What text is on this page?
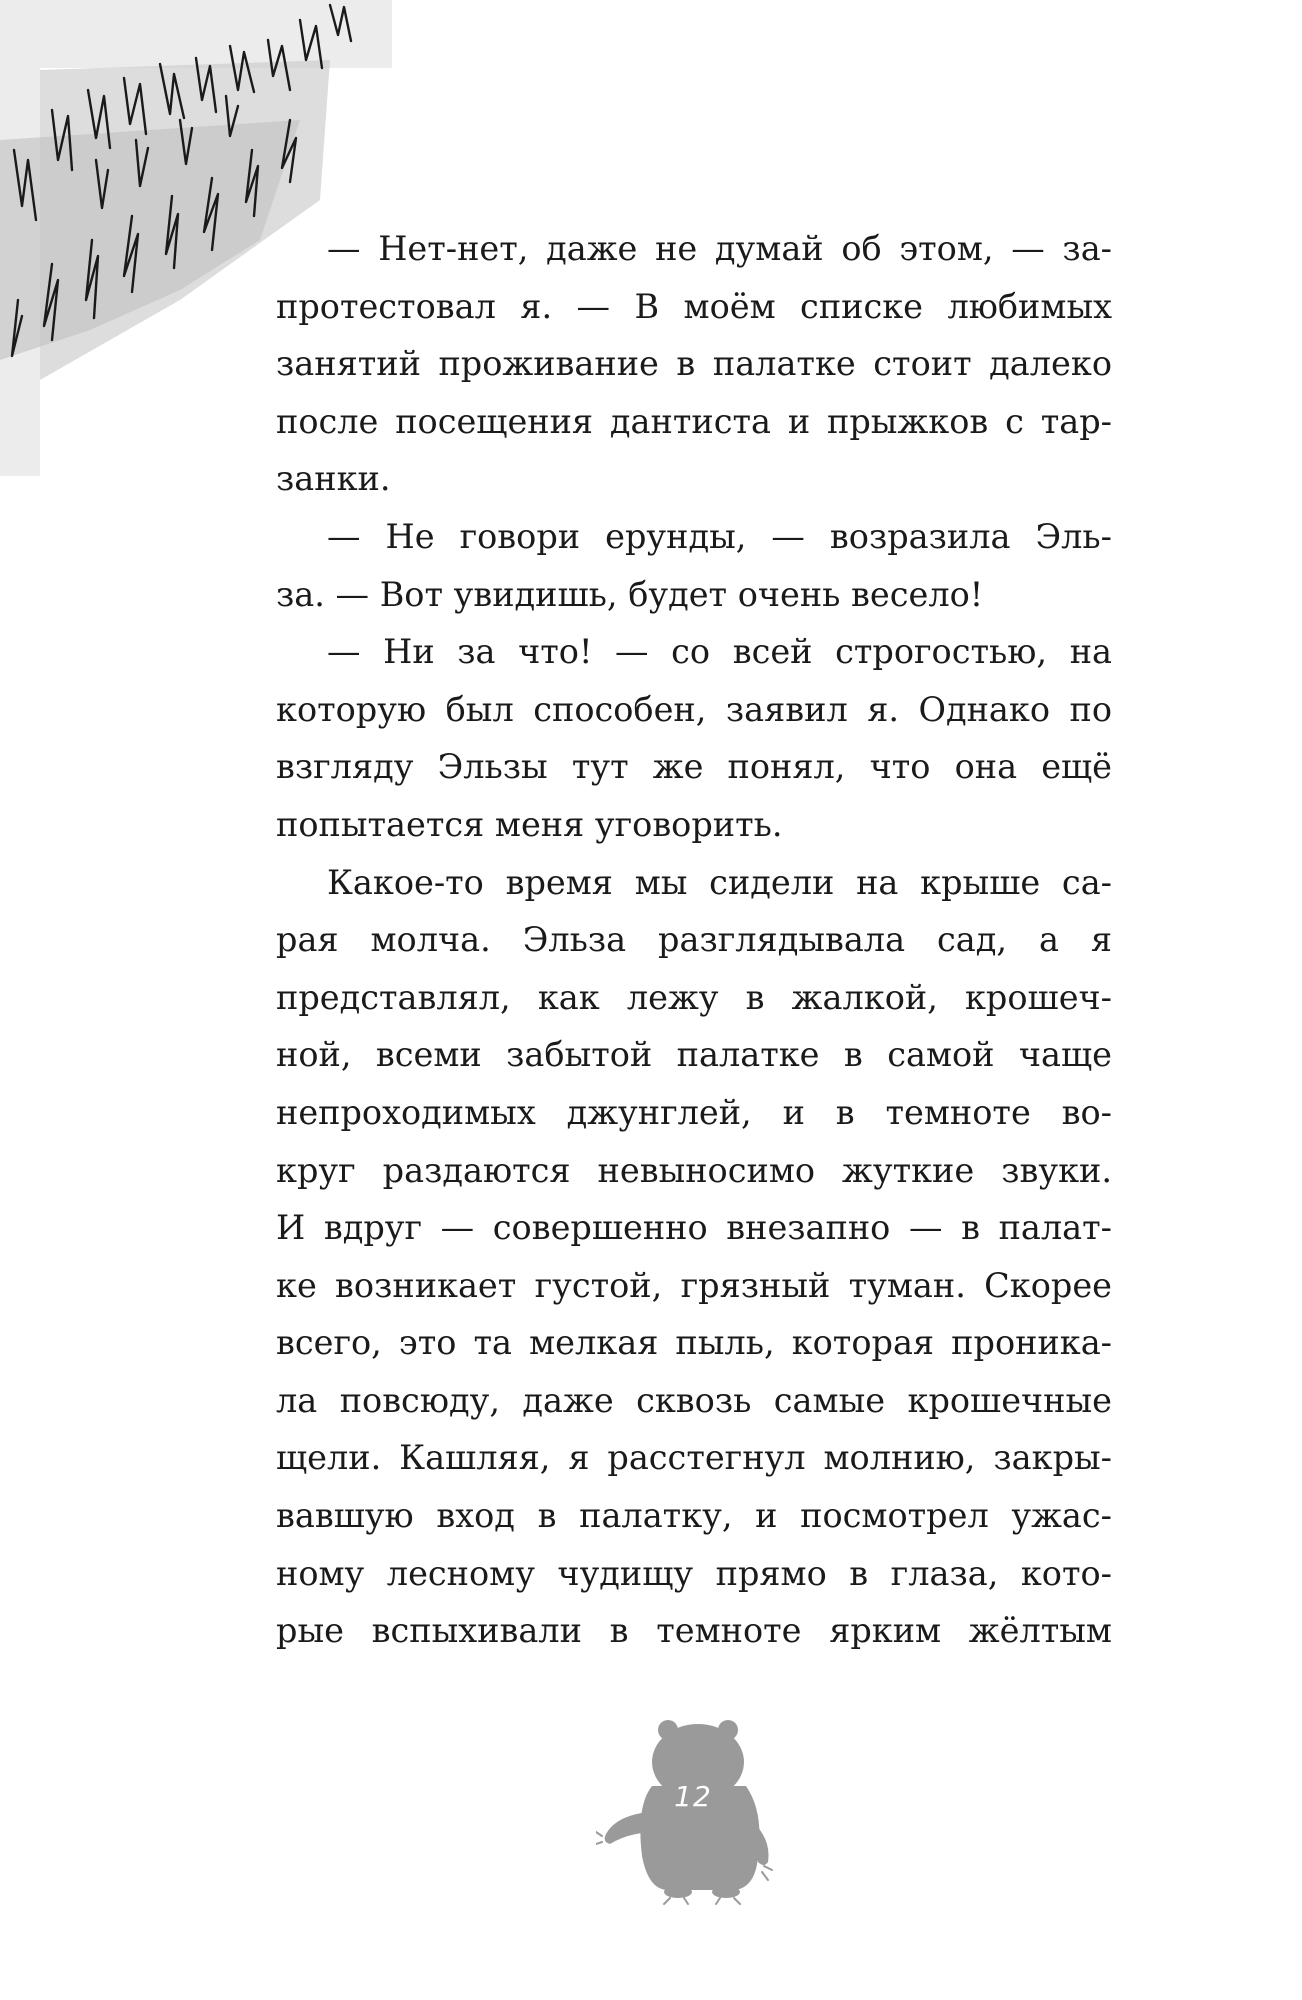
— Нет-нет, даже не думай об этом, — за-
протестовал я. — В моём списке любимых
занятий проживание в палатке стоит далеко
после посещения дантиста и прыжков с тар-
занки.
— Не говори ерунды, — возразила Эль-
за. — Вот увидишь, будет очень весело!
— Ни за что! — со всей строгостью, на
которую был способен, заявил я. Однако по
взгляду Эльзы тут же понял, что она ещё
попытается меня уговорить.
Какое-то время мы сидели на крыше са-
рая молча. Эльза разглядывала сад, а я
представлял, как лежу в жалкой, крошеч-
ной, всеми забытой палатке в самой чаще
непроходимых джунглей, и в темноте во-
круг раздаются невыносимо жуткие звуки.
И вдруг — совершенно внезапно — в палат-
ке возникает густой, грязный туман. Скорее
всего, это та мелкая пыль, которая проника-
ла повсюду, даже сквозь самые крошечные
щели. Кашляя, я расстегнул молнию, закры-
вавшую вход в палатку, и посмотрел ужас-
ному лесному чудищу прямо в глаза, кото-
рые вспыхивали в темноте ярким жёлтым
12
